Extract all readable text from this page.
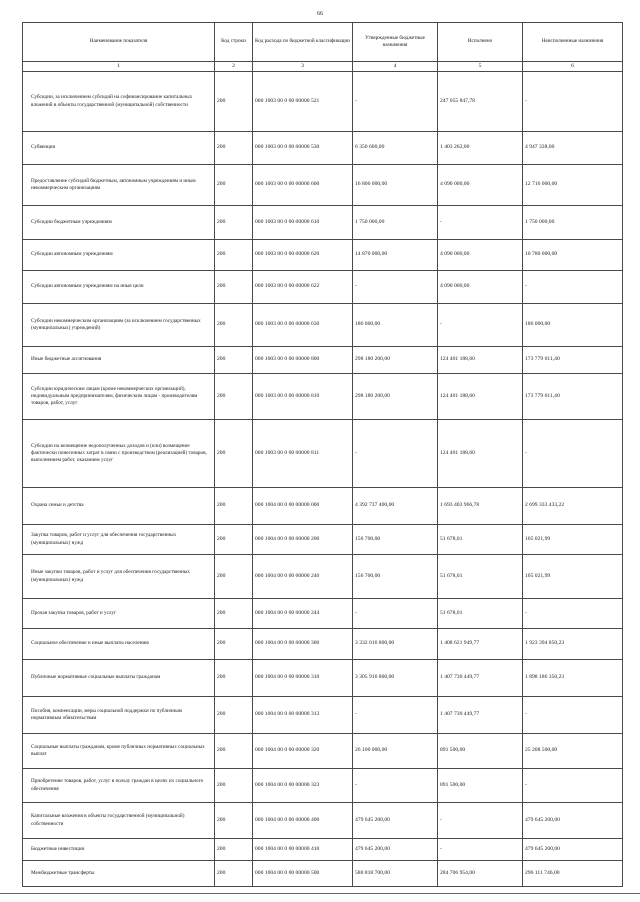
66
Наименование показателя	Код строки	Код расхода по бюджетной классификации	Утвержденные бюджетные назначения	Исполнено	Неисполненные назначения
1	2	3	4	5	6
Субсидии, за исключением субсидий на софинансирование капитальных вложений в объекты государственной (муниципальной) собственности	200	000 1003 00 0 00 00000 521	-	247 055 847,78	-
Субвенции	200	000 1003 00 0 00 00000 530	6 350 600,00	1 403 262,00	4 947 338,00
Предоставление субсидий бюджетным, автономным учреждениям и иным некоммерческим организациям	200	000 1003 00 0 00 00000 600	16 806 000,00	4 090 000,00	12 716 000,00
Субсидии бюджетным учреждениям	200	000 1003 00 0 00 00000 610	1 750 000,00	-	1 750 000,00
Субсидии автономным учреждениям	200	000 1003 00 0 00 00000 620	14 870 000,00	4 090 000,00	10 780 000,00
Субсидии автономным учреждениям на иные цели	200	000 1003 00 0 00 00000 622	-	4 090 000,00	-
Субсидии некоммерческим организациям (за исключением государственных (муниципальных) учреждений)	200	000 1003 00 0 00 00000 630	186 000,00	-	186 000,00
Иные бюджетные ассигнования	200	000 1003 00 0 00 00000 800	298 180 200,00	124 401 188,60	173 779 011,40
Субсидии юридическим лицам (кроме некоммерческих организаций), индивидуальным предпринимателям, физическим лицам - производителям товаров, работ, услуг	200	000 1003 00 0 00 00000 810	298 180 200,00	124 401 188,60	173 779 011,40
Субсидии на возмещение недополученных доходов и (или) возмещение фактически понесенных затрат в связи с производством (реализацией) товаров, выполнением работ, оказанием услуг	200	000 1003 00 0 00 00000 811	-	124 401 188,60	-
Охрана семьи и детства	200	000 1004 00 0 00 00000 000	4 392 737 400,00	1 693 403 966,78	2 699 333 433,22
Закупка товаров, работ и услуг для обеспечения государственных (муниципальных) нужд	200	000 1004 00 0 00 00000 200	156 700,00	51 678,01	105 021,99
Иные закупки товаров, работ и услуг для обеспечения государственных (муниципальных) нужд	200	000 1004 00 0 00 00000 240	156 700,00	51 678,01	105 021,99
Прочая закупка товаров, работ и услуг	200	000 1004 00 0 00 00000 244	-	51 678,01	-
Социальное обеспечение и иные выплаты населению	200	000 1004 00 0 00 00000 300	3 332 016 800,00	1 408 621 949,77	1 923 394 850,23
Публичные нормативные социальные выплаты гражданам	200	000 1004 00 0 00 00000 310	3 305 916 800,00	1 407 730 449,77	1 898 186 350,23
Пособия, компенсации, меры социальной поддержки по публичным нормативным обязательствам	200	000 1004 00 0 00 00000 313	-	1 407 730 449,77	-
Социальные выплаты гражданам, кроме публичных нормативных социальных выплат	200	000 1004 00 0 00 00000 320	26 100 000,00	891 500,00	25 208 500,00
Приобретение товаров, работ, услуг в пользу граждан в целях их социального обеспечения	200	000 1004 00 0 00 00000 323	-	891 500,00	-
Капитальные вложения в объекты государственной (муниципальной) собственности	200	000 1004 00 0 00 00000 400	479 645 200,00	-	479 645 200,00
Бюджетные инвестиции	200	000 1004 00 0 00 00000 410	479 645 200,00	-	479 645 200,00
Межбюджетные трансферты	200	000 1004 00 0 00 00000 500	580 818 700,00	284 706 954,00	296 111 746,00
